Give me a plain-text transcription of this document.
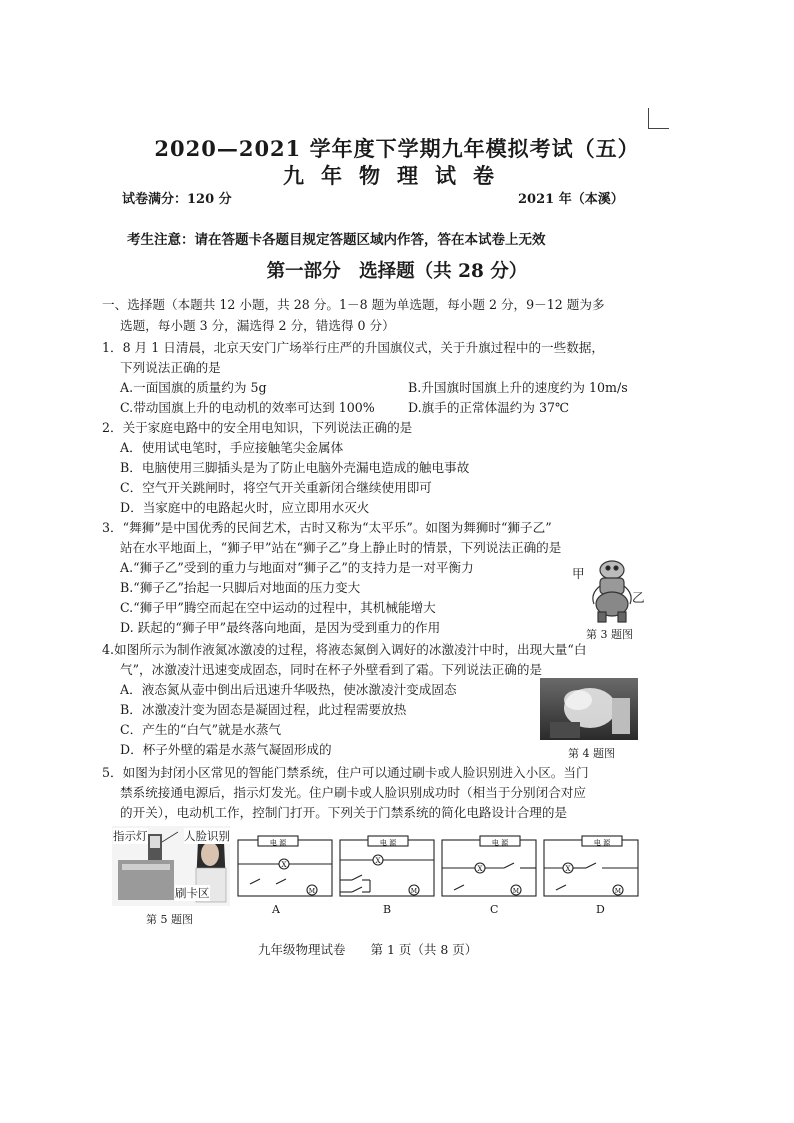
2020—2021 学年度下学期九年模拟考试（五）
九年物理试卷
试卷满分：120 分	2021 年（本溪）
考生注意：请在答题卡各题目规定答题区域内作答，答在本试卷上无效
第一部分　选择题（共 28 分）
一、选择题（本题共 12 小题，共 28 分。1－8 题为单选题，每小题 2 分，9－12 题为多
选题，每小题 3 分，漏选得 2 分，错选得 0 分）
1．8 月 1 日清晨，北京天安门广场举行庄严的升国旗仪式，关于升旗过程中的一些数据，
下列说法正确的是
A.一面国旗的质量约为 5g	B.升国旗时国旗上升的速度约为 10m/s
C.带动国旗上升的电动机的效率可达到 100%	D.旗手的正常体温约为 37℃
2．关于家庭电路中的安全用电知识，下列说法正确的是
A．使用试电笔时，手应接触笔尖金属体
B．电脑使用三脚插头是为了防止电脑外壳漏电造成的触电事故
C．空气开关跳闸时，将空气开关重新闭合继续使用即可
D．当家庭中的电路起火时，应立即用水灭火
3．“舞狮”是中国优秀的民间艺术，古时又称为“太平乐”。如图为舞狮时“狮子乙”
站在水平地面上，“狮子甲”站在“狮子乙”身上静止时的情景，下列说法正确的是
A.“狮子乙”受到的重力与地面对“狮子乙”的支持力是一对平衡力
B.“狮子乙”抬起一只脚后对地面的压力变大
C.“狮子甲”腾空而起在空中运动的过程中，其机械能增大
D. 跃起的“狮子甲”最终落向地面，是因为受到重力的作用
甲
乙
第 3 题图
4.如图所示为制作液氮冰激凌的过程，将液态氮倒入调好的冰激凌汁中时，出现大量“白
气”，冰激凌汁迅速变成固态，同时在杯子外壁看到了霜。下列说法正确的是
A．液态氮从壶中倒出后迅速升华吸热，使冰激凌汁变成固态
B．冰激凌汁变为固态是凝固过程，此过程需要放热
C．产生的“白气”就是水蒸气
D．杯子外壁的霜是水蒸气凝固形成的	第 4 题图
5．如图为封闭小区常见的智能门禁系统，住户可以通过刷卡或人脸识别进入小区。当门
禁系统接通电源后，指示灯发光。住户刷卡或人脸识别成功时（相当于分别闭合对应
的开关），电动机工作，控制门打开。下列关于门禁系统的简化电路设计合理的是
指示灯	人脸识别
刷卡区
第 5 题图
电 源
X
M
A
电 源
X
M
B
电 源
X
M
C
电 源
X
M
D
九年级物理试卷　　第 1 页（共 8 页）
